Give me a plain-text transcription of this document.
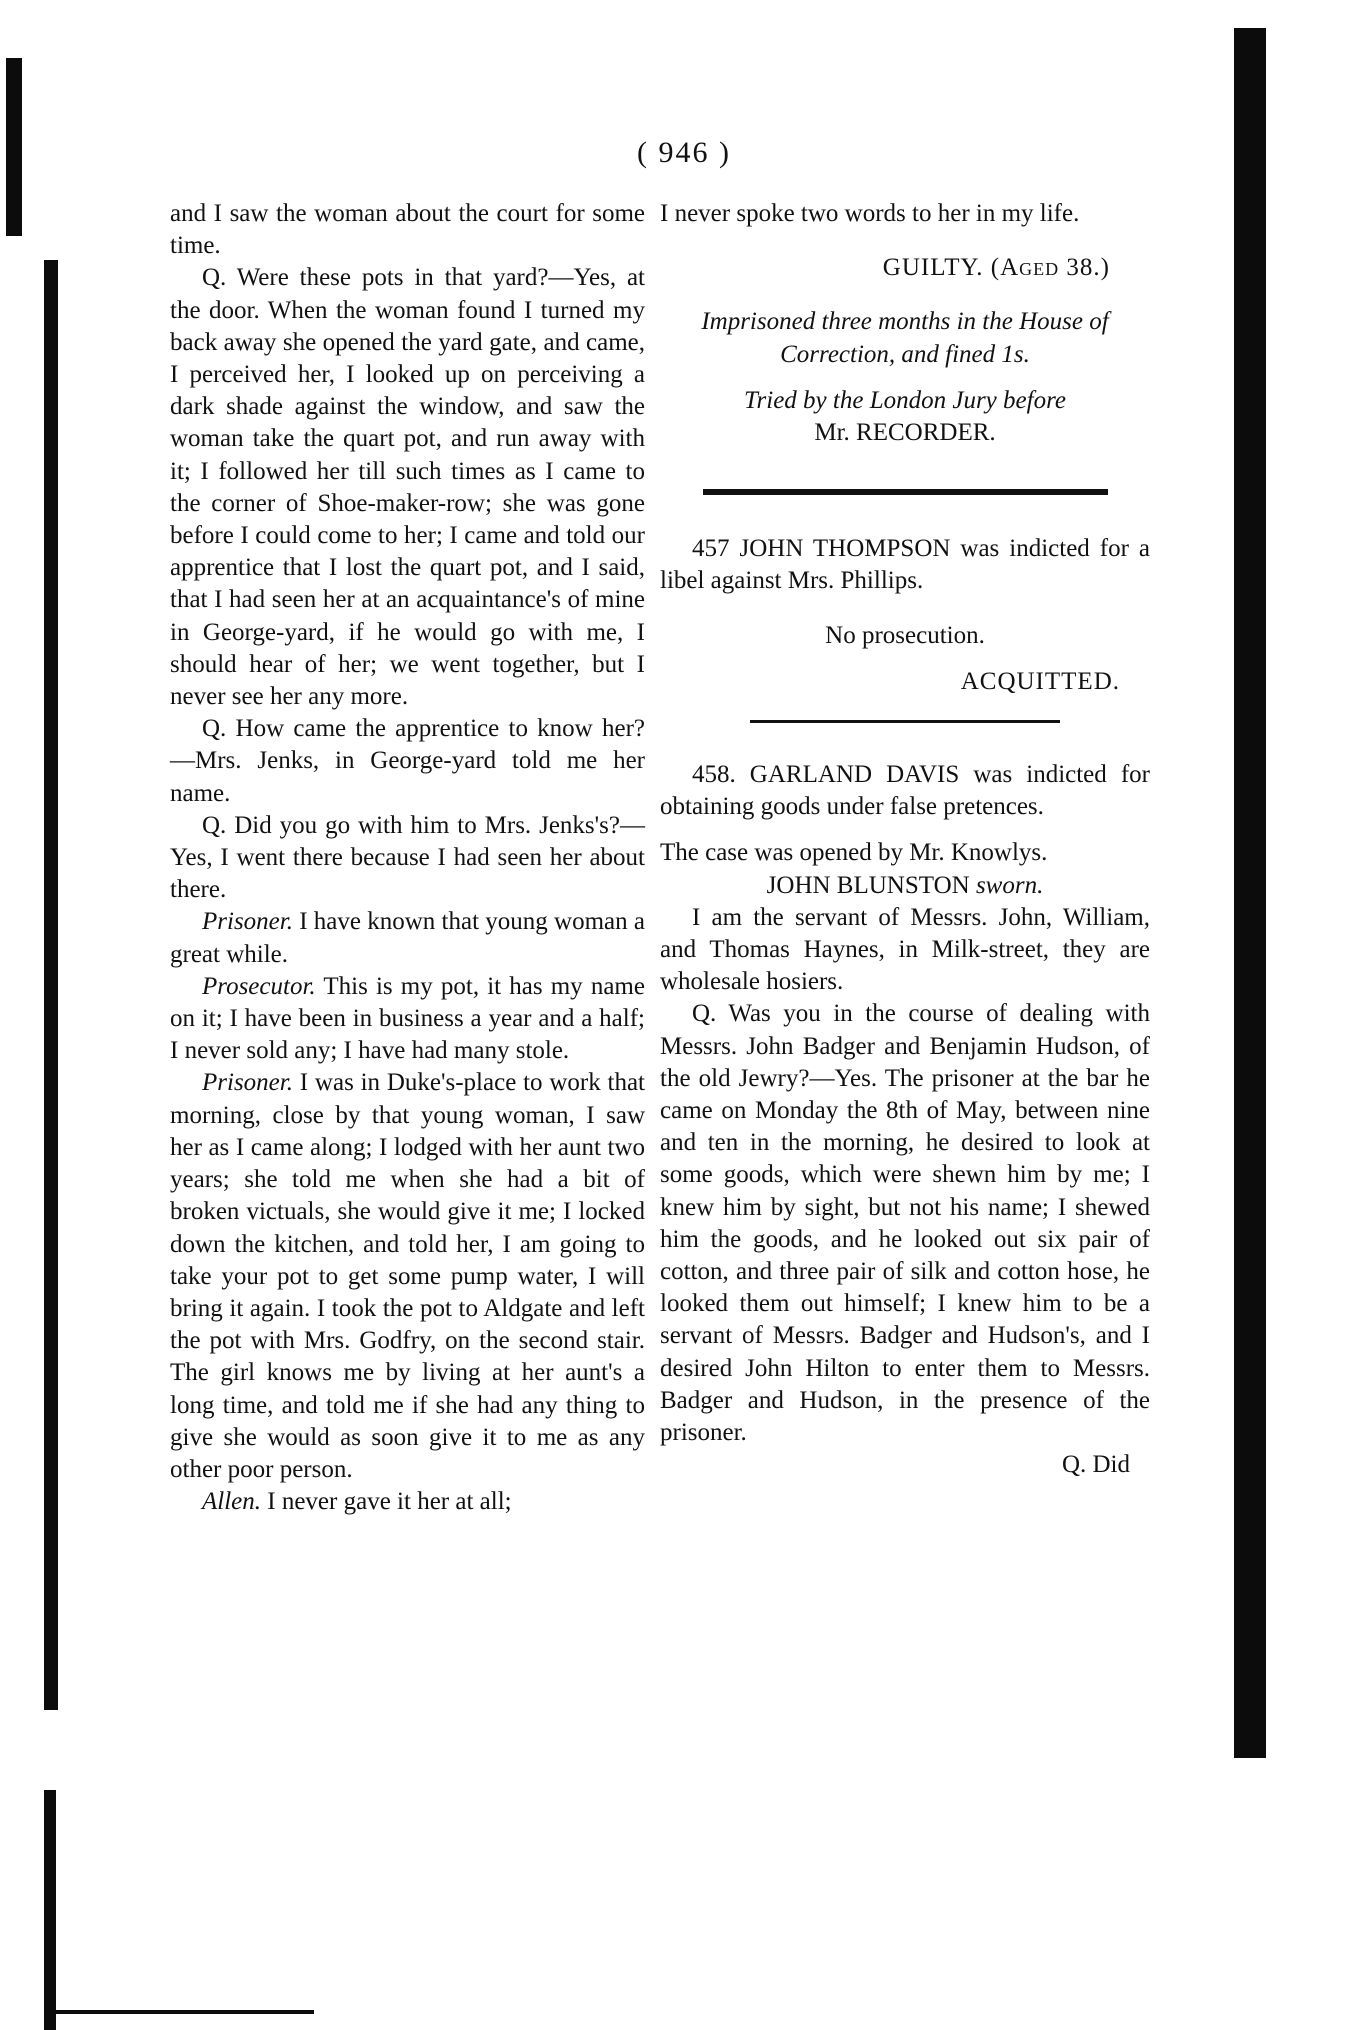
( 946 )

and I saw the woman about the court for some time.

Q. Were these pots in that yard?—Yes, at the door. When the woman found I turned my back away she opened the yard gate, and came, I perceived her, I looked up on perceiving a dark shade against the window, and saw the woman take the quart pot, and run away with it; I followed her till such times as I came to the corner of Shoe-maker-row; she was gone before I could come to her; I came and told our apprentice that I lost the quart pot, and I said, that I had seen her at an acquaintance's of mine in George-yard, if he would go with me, I should hear of her; we went together, but I never see her any more.

Q. How came the apprentice to know her?—Mrs. Jenks, in George-yard told me her name.

Q. Did you go with him to Mrs. Jenks's?—Yes, I went there because I had seen her about there.

Prisoner. I have known that young woman a great while.

Prosecutor. This is my pot, it has my name on it; I have been in business a year and a half; I never sold any; I have had many stole.

Prisoner. I was in Duke's-place to work that morning, close by that young woman, I saw her as I came along; I lodged with her aunt two years; she told me when she had a bit of broken victuals, she would give it me; I locked down the kitchen, and told her, I am going to take your pot to get some pump water, I will bring it again. I took the pot to Aldgate and left the pot with Mrs. Godfry, on the second stair. The girl knows me by living at her aunt's a long time, and told me if she had any thing to give she would as soon give it to me as any other poor person.

Allen. I never gave it her at all;

I never spoke two words to her in my life.

GUILTY. (Aged 38.)

Imprisoned three months in the House of Correction, and fined 1s.

Tried by the London Jury before

Mr. RECORDER.

457 JOHN THOMPSON was indicted for a libel against Mrs. Phillips.

No prosecution.

ACQUITTED.

458. GARLAND DAVIS was indicted for obtaining goods under false pretences.

The case was opened by Mr. Knowlys.

JOHN BLUNSTON sworn.

I am the servant of Messrs. John, William, and Thomas Haynes, in Milk-street, they are wholesale hosiers.

Q. Was you in the course of dealing with Messrs. John Badger and Benjamin Hudson, of the old Jewry?—Yes. The prisoner at the bar he came on Monday the 8th of May, between nine and ten in the morning, he desired to look at some goods, which were shewn him by me; I knew him by sight, but not his name; I shewed him the goods, and he looked out six pair of cotton, and three pair of silk and cotton hose, he looked them out himself; I knew him to be a servant of Messrs. Badger and Hudson's, and I desired John Hilton to enter them to Messrs. Badger and Hudson, in the presence of the prisoner.

Q. Did
